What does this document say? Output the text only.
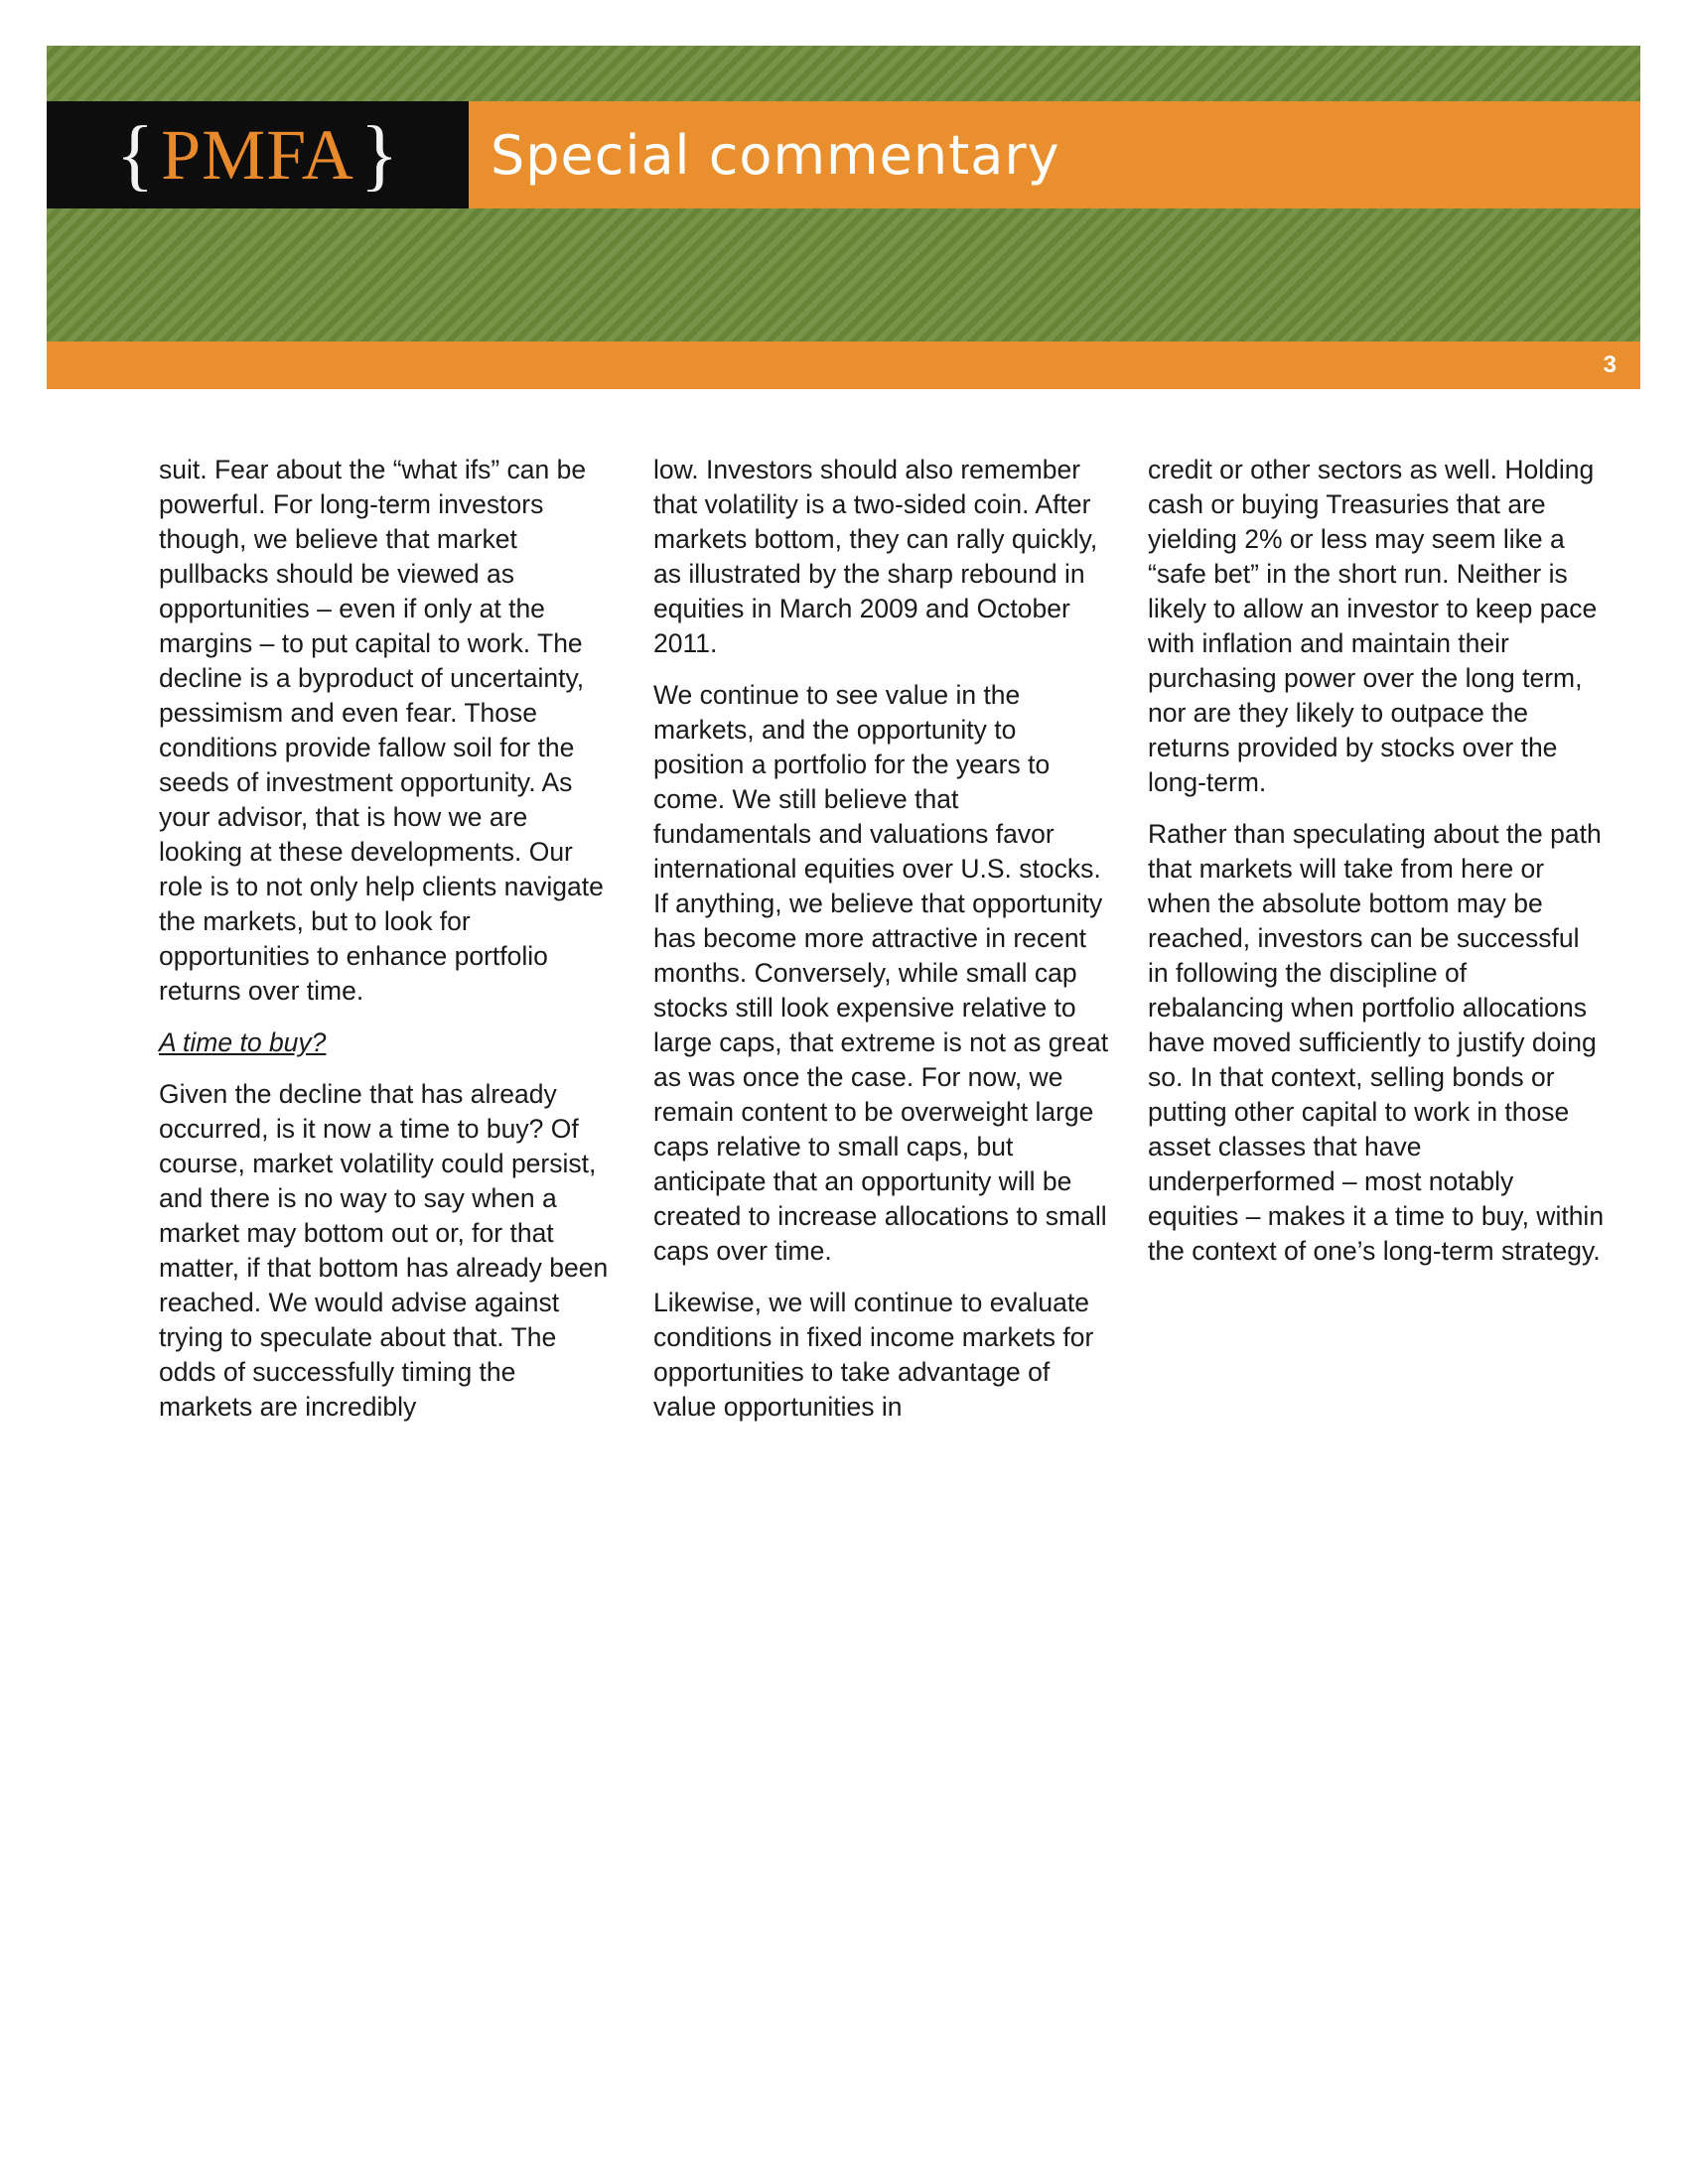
{ PMFA } Special commentary
3

suit. Fear about the “what ifs” can be powerful. For long-term investors though, we believe that market pullbacks should be viewed as opportunities – even if only at the margins – to put capital to work. The decline is a byproduct of uncertainty, pessimism and even fear. Those conditions provide fallow soil for the seeds of investment opportunity. As your advisor, that is how we are looking at these developments. Our role is to not only help clients navigate the markets, but to look for opportunities to enhance portfolio returns over time.

A time to buy?

Given the decline that has already occurred, is it now a time to buy? Of course, market volatility could persist, and there is no way to say when a market may bottom out or, for that matter, if that bottom has already been reached. We would advise against trying to speculate about that. The odds of successfully timing the markets are incredibly

low. Investors should also remember that volatility is a two-sided coin. After markets bottom, they can rally quickly, as illustrated by the sharp rebound in equities in March 2009 and October 2011.

We continue to see value in the markets, and the opportunity to position a portfolio for the years to come. We still believe that fundamentals and valuations favor international equities over U.S. stocks. If anything, we believe that opportunity has become more attractive in recent months. Conversely, while small cap stocks still look expensive relative to large caps, that extreme is not as great as was once the case. For now, we remain content to be overweight large caps relative to small caps, but anticipate that an opportunity will be created to increase allocations to small caps over time.

Likewise, we will continue to evaluate conditions in fixed income markets for opportunities to take advantage of value opportunities in

credit or other sectors as well. Holding cash or buying Treasuries that are yielding 2% or less may seem like a “safe bet” in the short run. Neither is likely to allow an investor to keep pace with inflation and maintain their purchasing power over the long term, nor are they likely to outpace the returns provided by stocks over the long-term.

Rather than speculating about the path that markets will take from here or when the absolute bottom may be reached, investors can be successful in following the discipline of rebalancing when portfolio allocations have moved sufficiently to justify doing so. In that context, selling bonds or putting other capital to work in those asset classes that have underperformed – most notably equities – makes it a time to buy, within the context of one’s long-term strategy.
